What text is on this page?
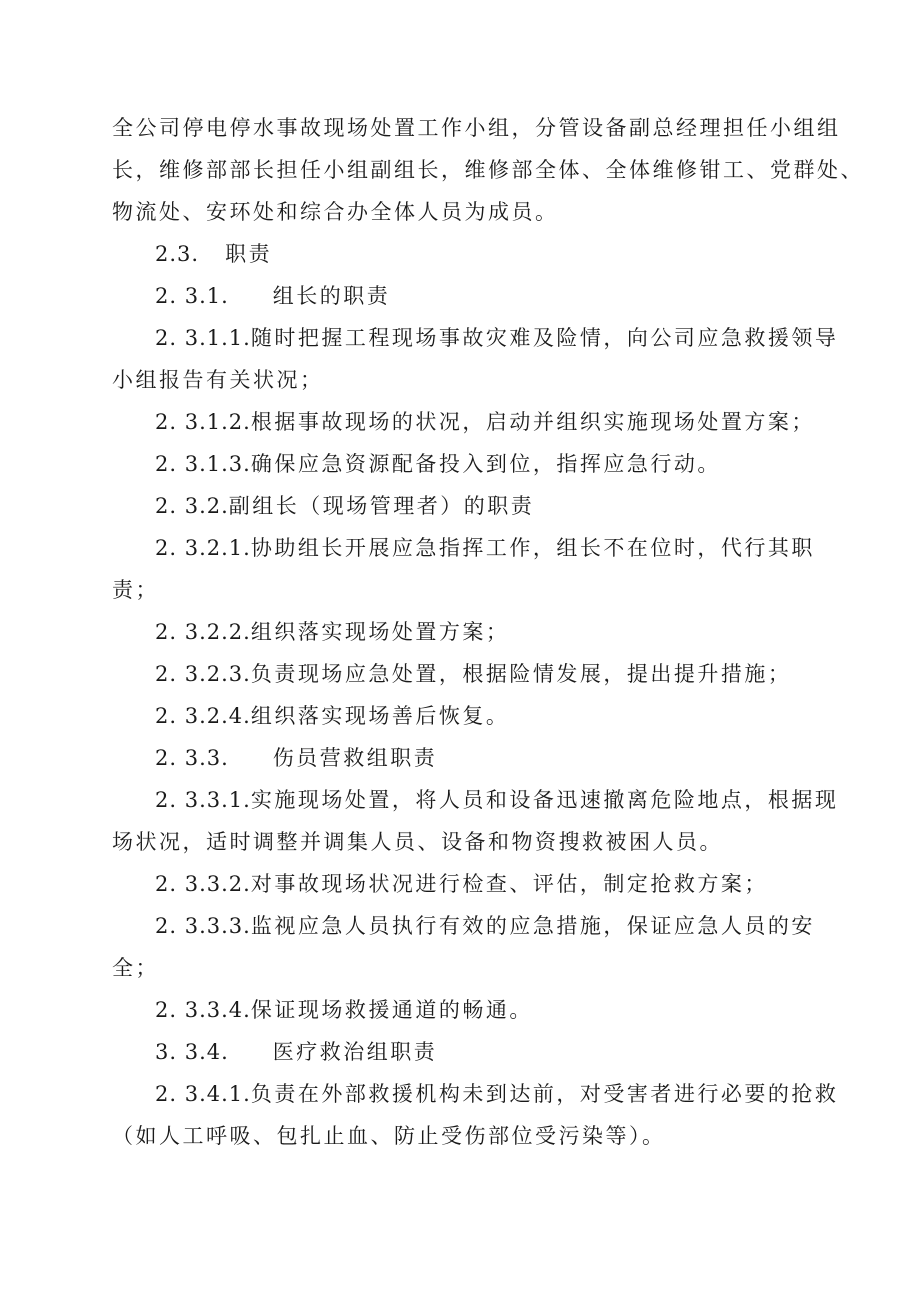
全公司停电停水事故现场处置工作小组，分管设备副总经理担任小组组
长，维修部部长担任小组副组长，维修部全体、全体维修钳工、党群处、
物流处、安环处和综合办全体人员为成员。
2.3. 职责
2. 3.1. 组长的职责
2. 3.1.1.随时把握工程现场事故灾难及险情，向公司应急救援领导
小组报告有关状况；
2. 3.1.2.根据事故现场的状况，启动并组织实施现场处置方案；
2. 3.1.3.确保应急资源配备投入到位，指挥应急行动。
2. 3.2.副组长（现场管理者）的职责
2. 3.2.1.协助组长开展应急指挥工作，组长不在位时，代行其职
责；
2. 3.2.2.组织落实现场处置方案；
2. 3.2.3.负责现场应急处置，根据险情发展，提出提升措施；
2. 3.2.4.组织落实现场善后恢复。
2. 3.3. 伤员营救组职责
2. 3.3.1.实施现场处置，将人员和设备迅速撤离危险地点，根据现
场状况，适时调整并调集人员、设备和物资搜救被困人员。
2. 3.3.2.对事故现场状况进行检查、评估，制定抢救方案；
2. 3.3.3.监视应急人员执行有效的应急措施，保证应急人员的安
全；
2. 3.3.4.保证现场救援通道的畅通。
3. 3.4. 医疗救治组职责
2. 3.4.1.负责在外部救援机构未到达前，对受害者进行必要的抢救
（如人工呼吸、包扎止血、防止受伤部位受污染等）。
